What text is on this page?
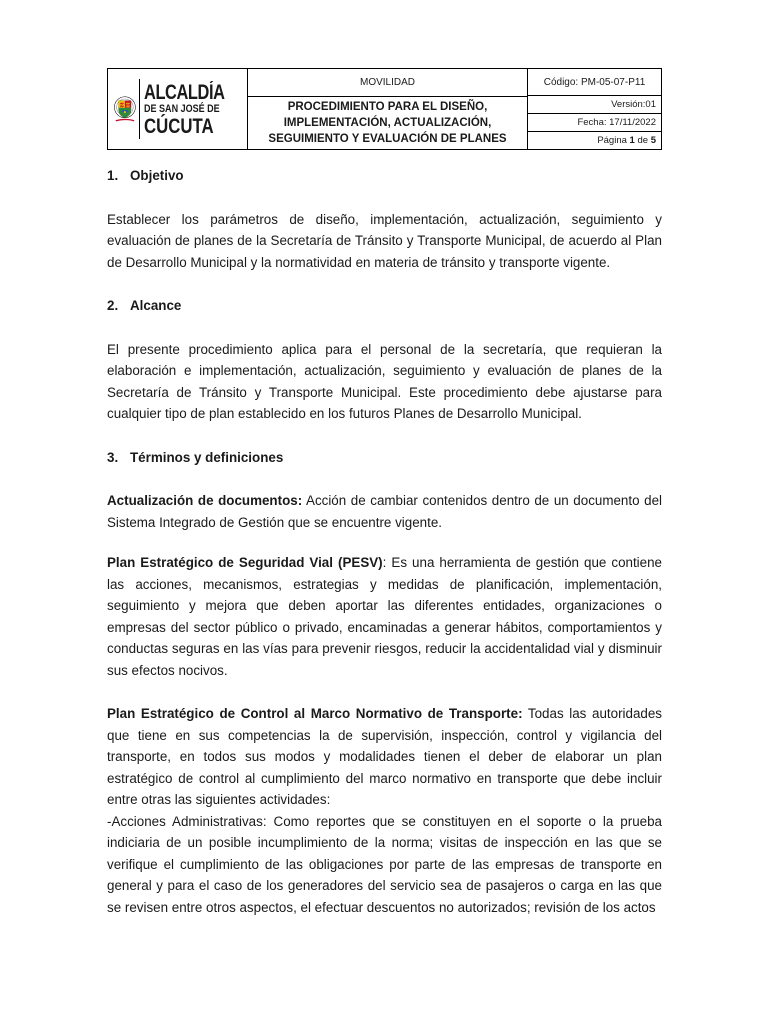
ALCALDÍA
DE SAN JOSÉ DE
CÚCUTA
MOVILIDAD
PROCEDIMIENTO PARA EL DISEÑO, IMPLEMENTACIÓN, ACTUALIZACIÓN, SEGUIMIENTO Y EVALUACIÓN DE PLANES
Código: PM-05-07-P11
Versión:01
Fecha: 17/11/2022
Página
1
de
5

1. Objetivo

Establecer los parámetros de diseño, implementación, actualización, seguimiento y evaluación de planes de la Secretaría de Tránsito y Transporte Municipal, de acuerdo al Plan de Desarrollo Municipal y la normatividad en materia de tránsito y transporte vigente.

2. Alcance

El presente procedimiento aplica para el personal de la secretaría, que requieran la elaboración e implementación, actualización, seguimiento y evaluación de planes de la Secretaría de Tránsito y Transporte Municipal. Este procedimiento debe ajustarse para cualquier tipo de plan establecido en los futuros Planes de Desarrollo Municipal.

3. Términos y definiciones

Actualización de documentos: Acción de cambiar contenidos dentro de un documento del Sistema Integrado de Gestión que se encuentre vigente.

Plan Estratégico de Seguridad Vial (PESV): Es una herramienta de gestión que contiene las acciones, mecanismos, estrategias y medidas de planificación, implementación, seguimiento y mejora que deben aportar las diferentes entidades, organizaciones o empresas del sector público o privado, encaminadas a generar hábitos, comportamientos y conductas seguras en las vías para prevenir riesgos, reducir la accidentalidad vial y disminuir sus efectos nocivos.

Plan Estratégico de Control al Marco Normativo de Transporte: Todas las autoridades que tiene en sus competencias la de supervisión, inspección, control y vigilancia del transporte, en todos sus modos y modalidades tienen el deber de elaborar un plan estratégico de control al cumplimiento del marco normativo en transporte que debe incluir entre otras las siguientes actividades:

-Acciones Administrativas: Como reportes que se constituyen en el soporte o la prueba indiciaria de un posible incumplimiento de la norma; visitas de inspección en las que se verifique el cumplimiento de las obligaciones por parte de las empresas de transporte en general y para el caso de los generadores del servicio sea de pasajeros o carga en las que se revisen entre otros aspectos, el efectuar descuentos no autorizados; revisión de los actos
